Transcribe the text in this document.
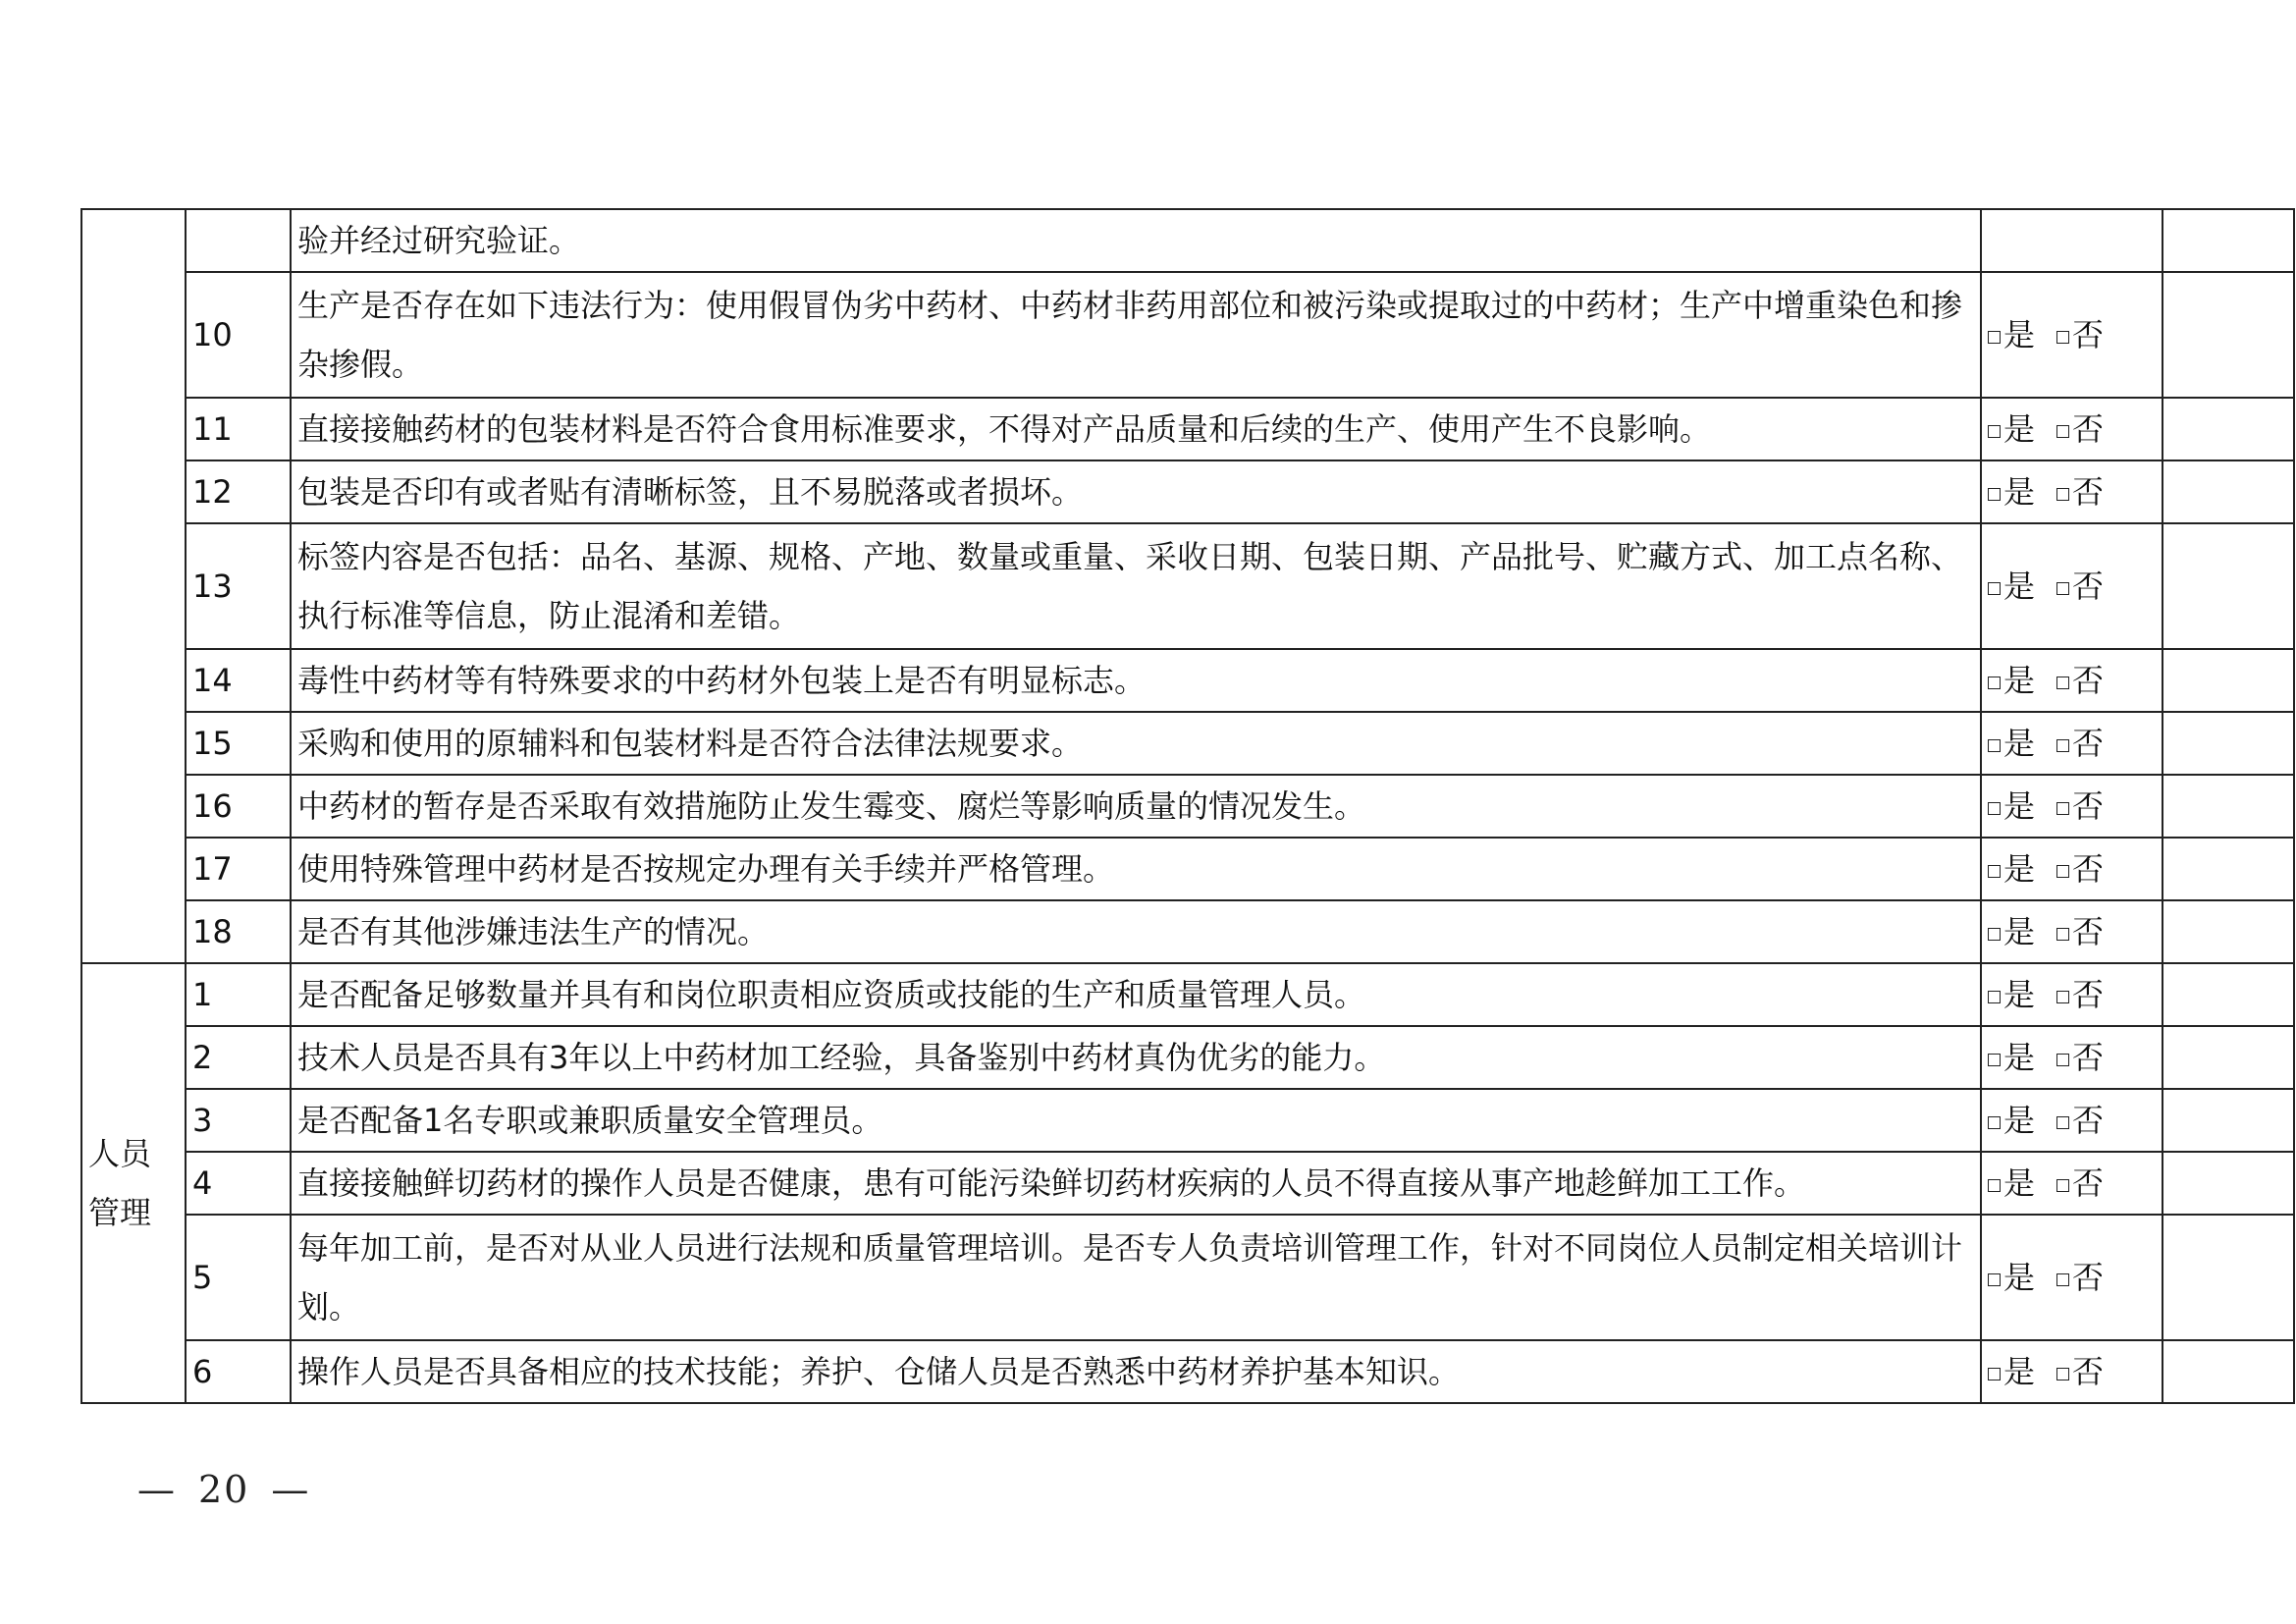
		验并经过研究验证。		
	10	生产是否存在如下违法行为：使用假冒伪劣中药材、中药材非药用部位和被污染或提取过的中药材；生产中增重染色和掺杂掺假。	是 否	
	11	直接接触药材的包装材料是否符合食用标准要求，不得对产品质量和后续的生产、使用产生不良影响。	是 否	
	12	包装是否印有或者贴有清晰标签，且不易脱落或者损坏。	是 否	
	13	标签内容是否包括：品名、基源、规格、产地、数量或重量、采收日期、包装日期、产品批号、贮藏方式、加工点名称、执行标准等信息，防止混淆和差错。	是 否	
	14	毒性中药材等有特殊要求的中药材外包装上是否有明显标志。	是 否	
	15	采购和使用的原辅料和包装材料是否符合法律法规要求。	是 否	
	16	中药材的暂存是否采取有效措施防止发生霉变、腐烂等影响质量的情况发生。	是 否	
	17	使用特殊管理中药材是否按规定办理有关手续并严格管理。	是 否	
	18	是否有其他涉嫌违法生产的情况。	是 否	
人员管理	1	是否配备足够数量并具有和岗位职责相应资质或技能的生产和质量管理人员。	是 否	
	2	技术人员是否具有3年以上中药材加工经验，具备鉴别中药材真伪优劣的能力。	是 否	
	3	是否配备1名专职或兼职质量安全管理员。	是 否	
	4	直接接触鲜切药材的操作人员是否健康，患有可能污染鲜切药材疾病的人员不得直接从事产地趁鲜加工工作。	是 否	
	5	每年加工前，是否对从业人员进行法规和质量管理培训。是否专人负责培训管理工作，针对不同岗位人员制定相关培训计划。	是 否	
	6	操作人员是否具备相应的技术技能；养护、仓储人员是否熟悉中药材养护基本知识。	是 否	
— 20 —
